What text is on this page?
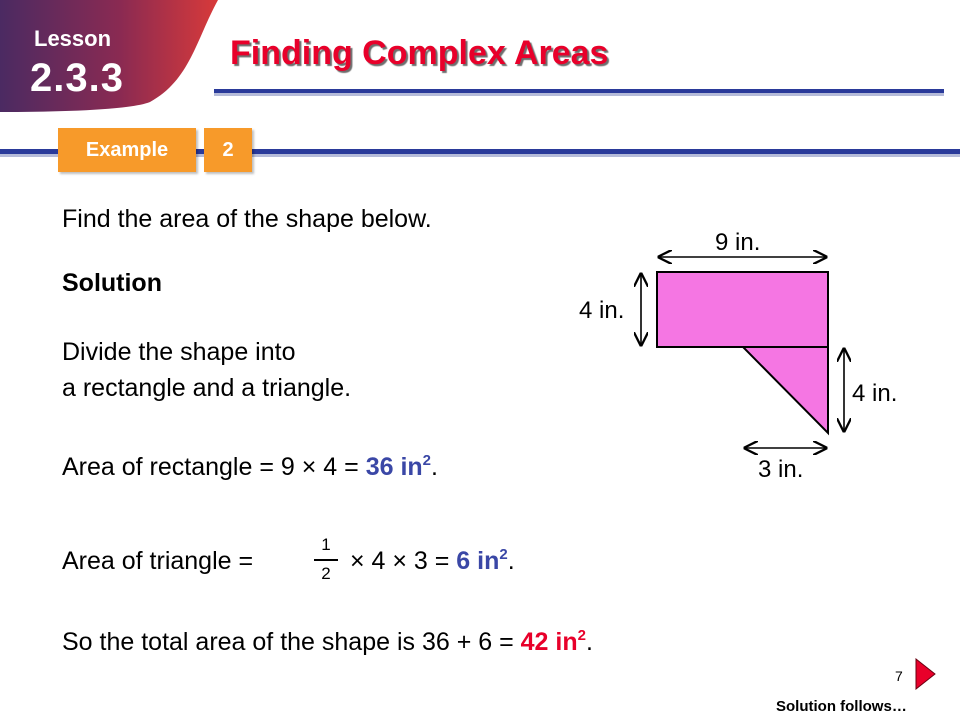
Lesson
2.3.3
Finding Complex Areas
Example	2
Find the area of the shape below.
Solution
Divide the shape into
a rectangle and a triangle.
Area of rectangle = 9 × 4 = 36 $in^2$.
Area of triangle =
1
2 × 4 × 3 = 6 $in^2$.
So the total area of the shape is 36 + 6 = 42 $in^2$.
9 in.
4 in.
4 in.
3 in.
7
Solution follows…
